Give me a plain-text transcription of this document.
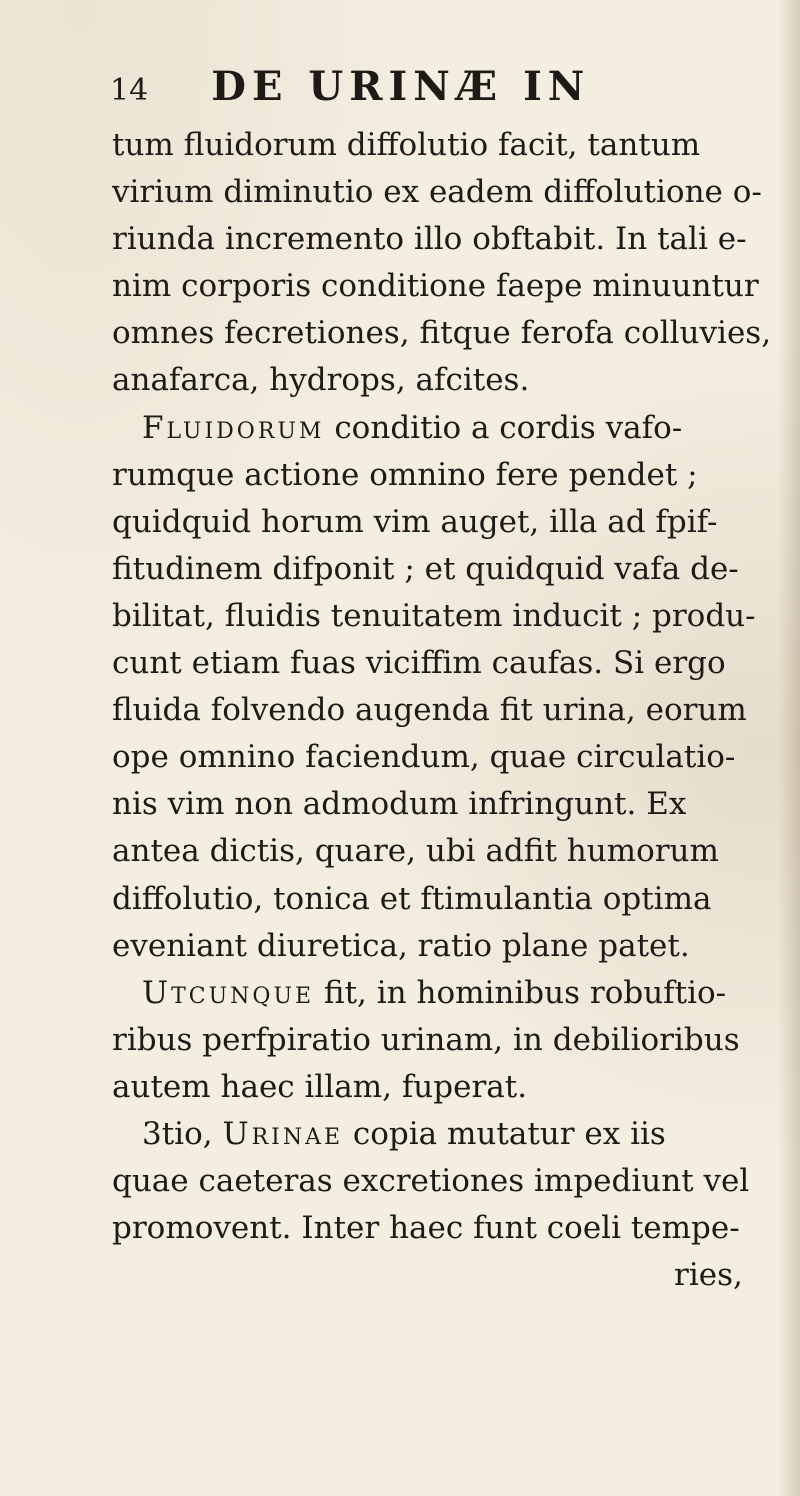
14 DE URINÆ IN
tum fluidorum diffolutio facit, tantum
virium diminutio ex eadem diffolutione o-
riunda incremento illo obftabit. In tali e-
nim corporis conditione faepe minuuntur
omnes fecretiones, fitque ferofa colluvies,
anafarca, hydrops, afcites.
Fluidorum conditio a cordis vafo-
rumque actione omnino fere pendet ;
quidquid horum vim auget, illa ad fpif-
fitudinem difponit ; et quidquid vafa de-
bilitat, fluidis tenuitatem inducit ; produ-
cunt etiam fuas viciffim caufas. Si ergo
fluida folvendo augenda fit urina, eorum
ope omnino faciendum, quae circulatio-
nis vim non admodum infringunt. Ex
antea dictis, quare, ubi adfit humorum
diffolutio, tonica et ftimulantia optima
eveniant diuretica, ratio plane patet.
Utcunque fit, in hominibus robuftio-
ribus perfpiratio urinam, in debilioribus
autem haec illam, fuperat.
3tio, Urinae copia mutatur ex iis
quae caeteras excretiones impediunt vel
promovent. Inter haec funt coeli tempe-
ries,
